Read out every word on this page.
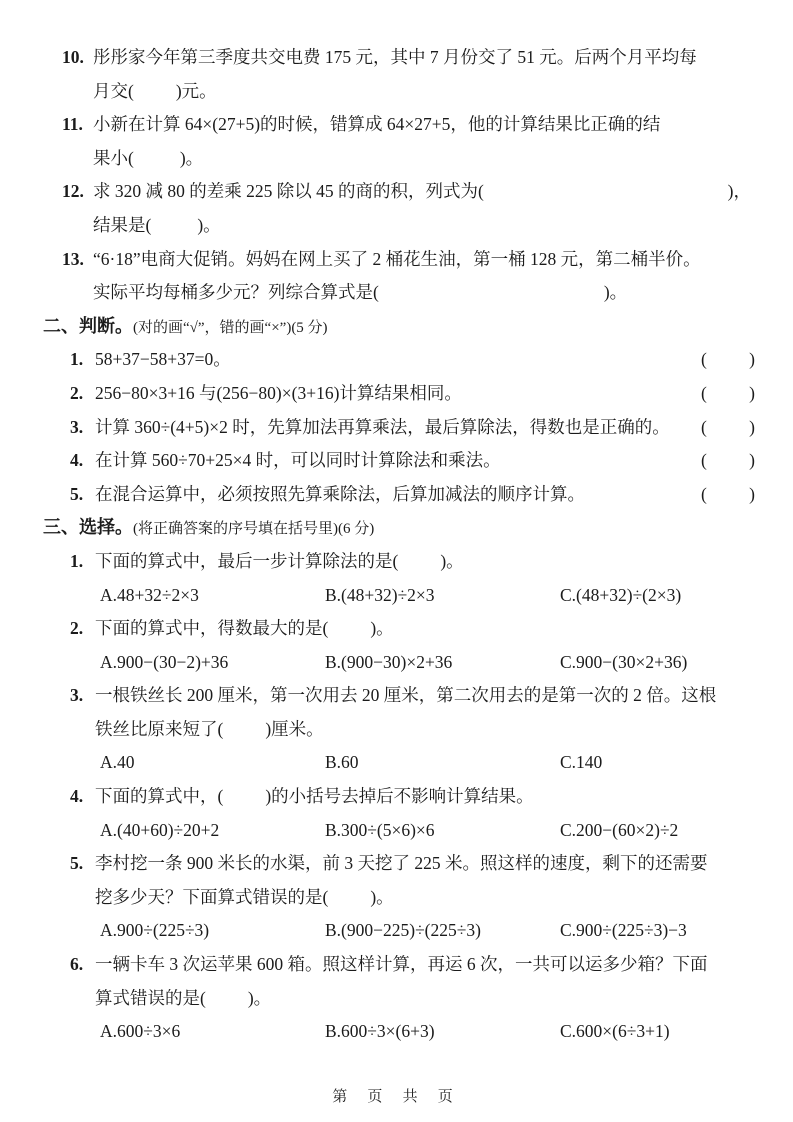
10. 彤彤家今年第三季度共交电费 175 元，其中 7 月份交了 51 元。后两个月平均每
月交( )元。
11. 小新在计算 64×(27+5)的时候，错算成 64×27+5，他的计算结果比正确的结
果小(	)。
12. 求 320 减 80 的差乘 225 除以 45 的商的积，列式为(	)，
结果是(	)。
13. “6·18”电商大促销。妈妈在网上买了 2 桶花生油，第一桶 128 元，第二桶半价。
实际平均每桶多少元？列综合算式是(	)。
二、判断。(对的画“√”，错的画“×”)(5 分)
1. 58+37−58+37=0。	( )
2. 256−80×3+16 与(256−80)×(3+16)计算结果相同。	( )
3. 计算 360÷(4+5)×2 时，先算加法再算乘法，最后算除法，得数也是正确的。	( )
4. 在计算 560÷70+25×4 时，可以同时计算除法和乘法。	( )
5. 在混合运算中，必须按照先算乘除法，后算加减法的顺序计算。	( )
三、选择。(将正确答案的序号填在括号里)(6 分)
1. 下面的算式中，最后一步计算除法的是( )。
A.48+32÷2×3	B.(48+32)÷2×3	C.(48+32)÷(2×3)
2. 下面的算式中，得数最大的是( )。
A.900−(30−2)+36	B.(900−30)×2+36	C.900−(30×2+36)
3. 一根铁丝长 200 厘米，第一次用去 20 厘米，第二次用去的是第一次的 2 倍。这根
铁丝比原来短了( )厘米。
A.40	B.60	C.140
4. 下面的算式中，( )的小括号去掉后不影响计算结果。
A.(40+60)÷20+2	B.300÷(5×6)×6	C.200−(60×2)÷2
5. 李村挖一条 900 米长的水渠，前 3 天挖了 225 米。照这样的速度，剩下的还需要
挖多少天？下面算式错误的是( )。
A.900÷(225÷3)	B.(900−225)÷(225÷3)	C.900÷(225÷3)−3
6. 一辆卡车 3 次运苹果 600 箱。照这样计算，再运 6 次，一共可以运多少箱？下面
算式错误的是( )。
A.600÷3×6	B.600÷3×(6+3)	C.600×(6÷3+1)
第 页 共 页
